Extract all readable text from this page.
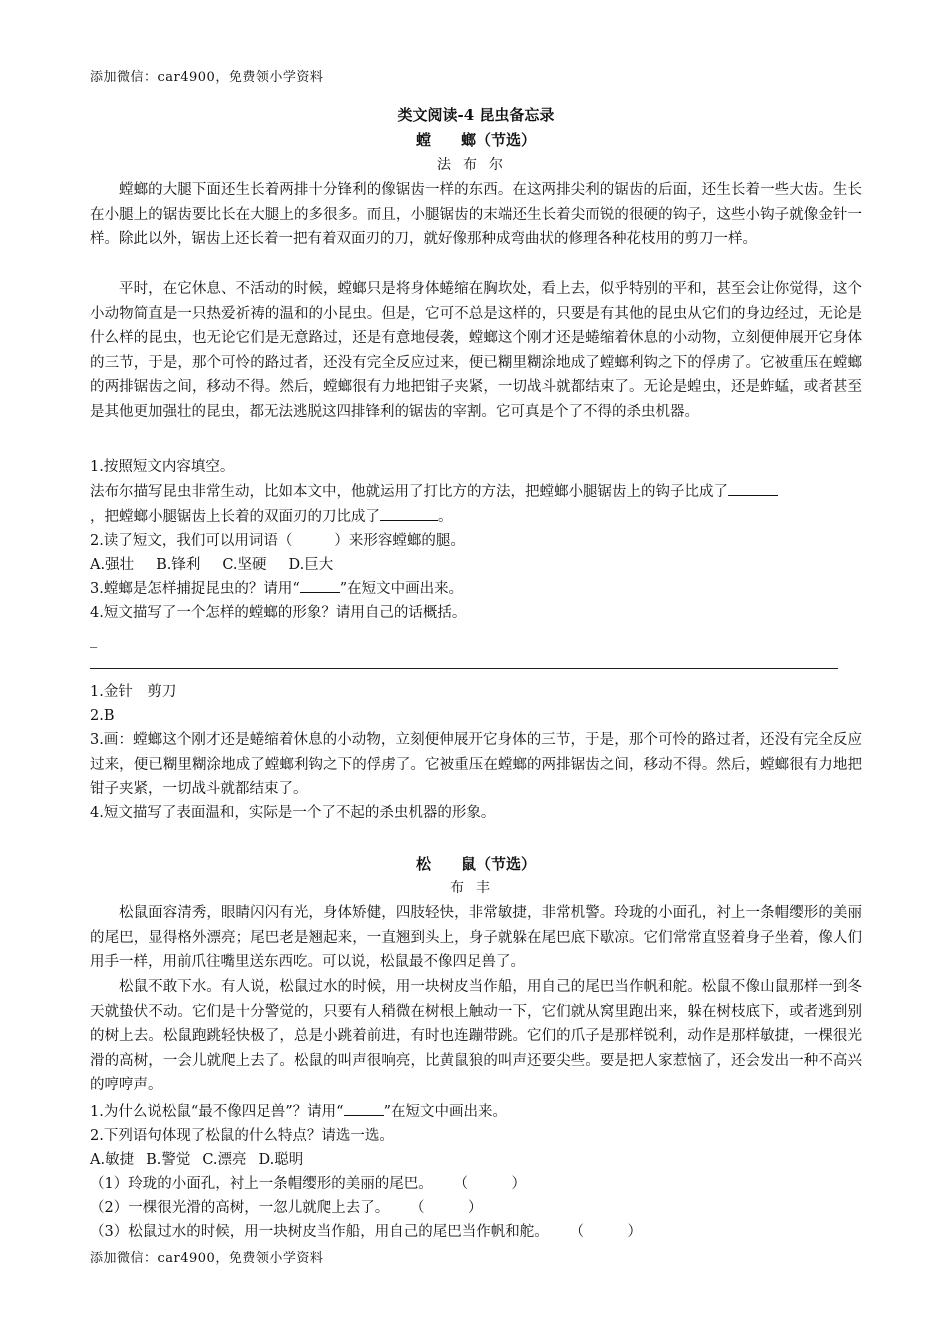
添加微信：car4900，免费领小学资料
类文阅读-4 昆虫备忘录
螳　　螂（节选）
法布尔
螳螂的大腿下面还生长着两排十分锋利的像锯齿一样的东西。在这两排尖利的锯齿的后面，还生长着一些大齿。生长在小腿上的锯齿要比长在大腿上的多很多。而且，小腿锯齿的末端还生长着尖而锐的很硬的钩子，这些小钩子就像金针一样。除此以外，锯齿上还长着一把有着双面刃的刀，就好像那种成弯曲状的修理各种花枝用的剪刀一样。
平时，在它休息、不活动的时候，螳螂只是将身体蜷缩在胸坎处，看上去，似乎特别的平和，甚至会让你觉得，这个小动物简直是一只热爱祈祷的温和的小昆虫。但是，它可不总是这样的，只要是有其他的昆虫从它们的身边经过，无论是什么样的昆虫，也无论它们是无意路过，还是有意地侵袭，螳螂这个刚才还是蜷缩着休息的小动物，立刻便伸展开它身体的三节，于是，那个可怜的路过者，还没有完全反应过来，便已糊里糊涂地成了螳螂利钩之下的俘虏了。它被重压在螳螂的两排锯齿之间，移动不得。然后，螳螂很有力地把钳子夹紧，一切战斗就都结束了。无论是蝗虫，还是蚱蜢，或者甚至是其他更加强壮的昆虫，都无法逃脱这四排锋利的锯齿的宰割。它可真是个了不得的杀虫机器。
1.按照短文内容填空。
法布尔描写昆虫非常生动，比如本文中，他就运用了打比方的方法，把螳螂小腿锯齿上的钩子比成了
，把螳螂小腿锯齿上长着的双面刃的刀比成了	。
2.读了短文，我们可以用词语（	）来形容螳螂的腿。
A.强壮 B.锋利 C.坚硬 D.巨大
3.螳螂是怎样捕捉昆虫的？请用“	”在短文中画出来。
4.短文描写了一个怎样的螳螂的形象？请用自己的话概括。
_
1.金针　剪刀
2.B
3.画：螳螂这个刚才还是蜷缩着休息的小动物，立刻便伸展开它身体的三节，于是，那个可怜的路过者，还没有完全反应过来，便已糊里糊涂地成了螳螂利钩之下的俘虏了。它被重压在螳螂的两排锯齿之间，移动不得。然后，螳螂很有力地把钳子夹紧，一切战斗就都结束了。
4.短文描写了表面温和，实际是一个了不起的杀虫机器的形象。
松　　鼠（节选）
布丰
松鼠面容清秀，眼睛闪闪有光，身体矫健，四肢轻快，非常敏捷，非常机警。玲珑的小面孔，衬上一条帽缨形的美丽的尾巴，显得格外漂亮；尾巴老是翘起来，一直翘到头上，身子就躲在尾巴底下歇凉。它们常常直竖着身子坐着，像人们用手一样，用前爪往嘴里送东西吃。可以说，松鼠最不像四足兽了。
松鼠不敢下水。有人说，松鼠过水的时候，用一块树皮当作船，用自己的尾巴当作帆和舵。松鼠不像山鼠那样一到冬天就蛰伏不动。它们是十分警觉的，只要有人稍微在树根上触动一下，它们就从窝里跑出来，躲在树枝底下，或者逃到别的树上去。松鼠跑跳轻快极了，总是小跳着前进，有时也连蹦带跳。它们的爪子是那样锐利，动作是那样敏捷，一棵很光滑的高树，一会儿就爬上去了。松鼠的叫声很响亮，比黄鼠狼的叫声还要尖些。要是把人家惹恼了，还会发出一种不高兴的哼哼声。
1.为什么说松鼠“最不像四足兽”？请用“	”在短文中画出来。
2.下列语句体现了松鼠的什么特点？请选一选。
A.敏捷 B.警觉 C.漂亮 D.聪明
（1）玲珑的小面孔，衬上一条帽缨形的美丽的尾巴。 （　　　）
（2）一棵很光滑的高树，一忽儿就爬上去了。 （　　　）
（3）松鼠过水的时候，用一块树皮当作船，用自己的尾巴当作帆和舵。 （　　　）
添加微信：car4900，免费领小学资料
